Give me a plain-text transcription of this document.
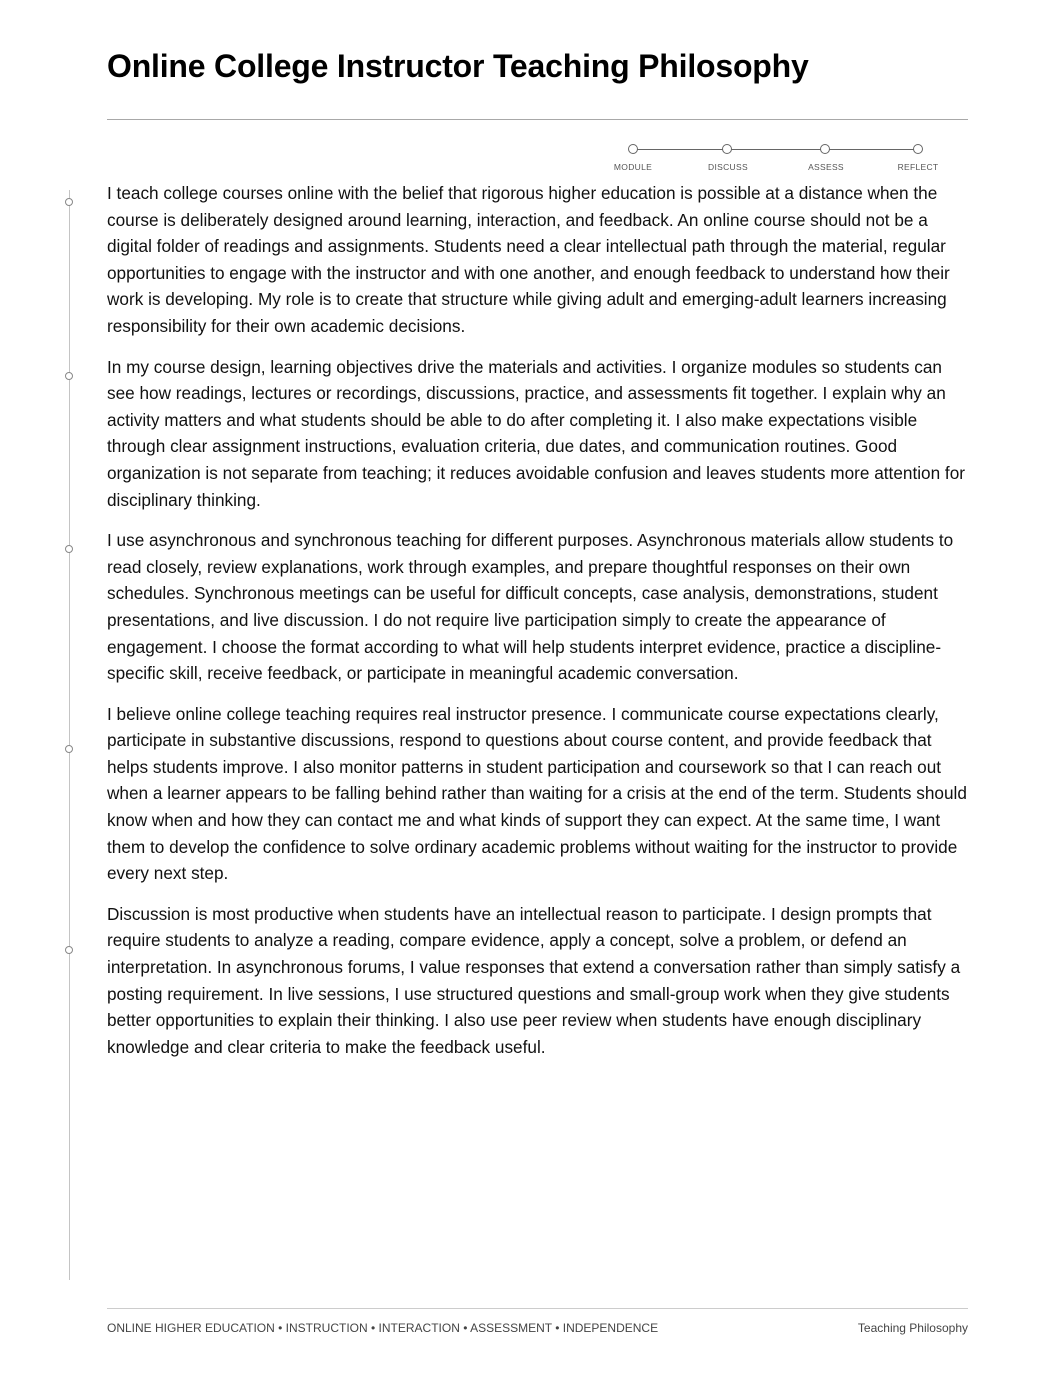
Online College Instructor Teaching Philosophy
MODULE	DISCUSS	ASSESS	REFLECT

I teach college courses online with the belief that rigorous higher education is possible at a distance when the course is deliberately designed around learning, interaction, and feedback. An online course should not be a digital folder of readings and assignments. Students need a clear intellectual path through the material, regular opportunities to engage with the instructor and with one another, and enough feedback to understand how their work is developing. My role is to create that structure while giving adult and emerging-adult learners increasing responsibility for their own academic decisions.

In my course design, learning objectives drive the materials and activities. I organize modules so students can see how readings, lectures or recordings, discussions, practice, and assessments fit together. I explain why an activity matters and what students should be able to do after completing it. I also make expectations visible through clear assignment instructions, evaluation criteria, due dates, and communication routines. Good organization is not separate from teaching; it reduces avoidable confusion and leaves students more attention for disciplinary thinking.

I use asynchronous and synchronous teaching for different purposes. Asynchronous materials allow students to read closely, review explanations, work through examples, and prepare thoughtful responses on their own schedules. Synchronous meetings can be useful for difficult concepts, case analysis, demonstrations, student presentations, and live discussion. I do not require live participation simply to create the appearance of engagement. I choose the format according to what will help students interpret evidence, practice a discipline-specific skill, receive feedback, or participate in meaningful academic conversation.

I believe online college teaching requires real instructor presence. I communicate course expectations clearly, participate in substantive discussions, respond to questions about course content, and provide feedback that helps students improve. I also monitor patterns in student participation and coursework so that I can reach out when a learner appears to be falling behind rather than waiting for a crisis at the end of the term. Students should know when and how they can contact me and what kinds of support they can expect. At the same time, I want them to develop the confidence to solve ordinary academic problems without waiting for the instructor to provide every next step.

Discussion is most productive when students have an intellectual reason to participate. I design prompts that require students to analyze a reading, compare evidence, apply a concept, solve a problem, or defend an interpretation. In asynchronous forums, I value responses that extend a conversation rather than simply satisfy a posting requirement. In live sessions, I use structured questions and small-group work when they give students better opportunities to explain their thinking. I also use peer review when students have enough disciplinary knowledge and clear criteria to make the feedback useful.

ONLINE HIGHER EDUCATION • INSTRUCTION • INTERACTION • ASSESSMENT • INDEPENDENCE	Teaching Philosophy
